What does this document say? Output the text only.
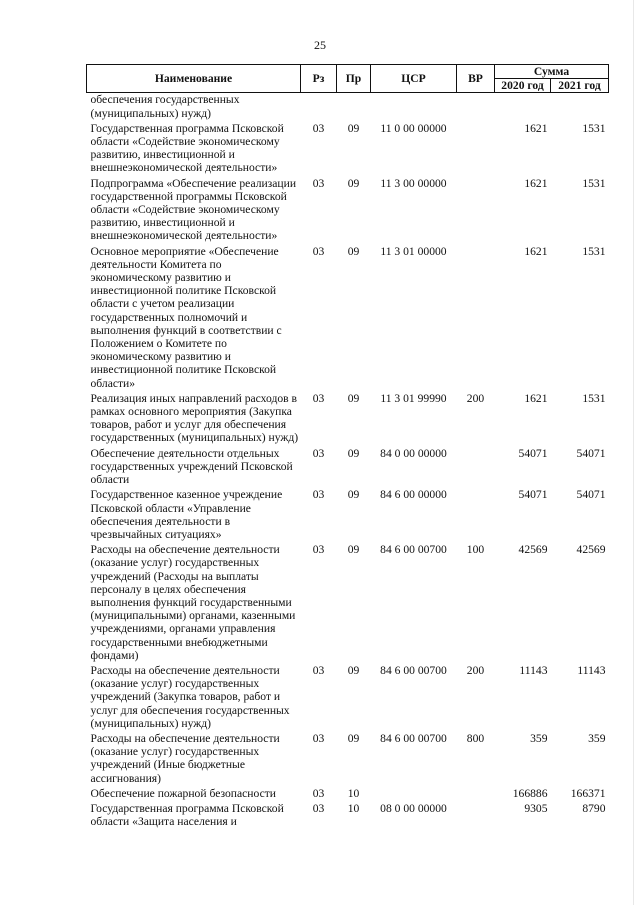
25
Наименование	Рз	Пр	ЦСР	ВР	Сумма	
					2020 год	2021 год
обеспечения государственных (муниципальных) нужд)						
Государственная программа Псковской области «Содействие экономическому развитию, инвестиционной и внешнеэкономической деятельности»	03	09	11 0 00 00000		1621	1531
Подпрограмма «Обеспечение реализации государственной программы Псковской области «Содействие экономическому развитию, инвестиционной и внешнеэкономической деятельности»	03	09	11 3 00 00000		1621	1531
Основное мероприятие «Обеспечение деятельности Комитета по экономическому развитию и инвестиционной политике Псковской области с учетом реализации государственных полномочий и выполнения функций в соответствии с Положением о Комитете по экономическому развитию и инвестиционной политике Псковской области»	03	09	11 3 01 00000		1621	1531
Реализация иных направлений расходов в рамках основного мероприятия (Закупка товаров, работ и услуг для обеспечения государственных (муниципальных) нужд)	03	09	11 3 01 99990	200	1621	1531
Обеспечение деятельности отдельных государственных учреждений Псковской области	03	09	84 0 00 00000		54071	54071
Государственное казенное учреждение Псковской области «Управление обеспечения деятельности в чрезвычайных ситуациях»	03	09	84 6 00 00000		54071	54071
Расходы на обеспечение деятельности (оказание услуг) государственных учреждений (Расходы на выплаты персоналу в целях обеспечения выполнения функций государственными (муниципальными) органами, казенными учреждениями, органами управления государственными внебюджетными фондами)	03	09	84 6 00 00700	100	42569	42569
Расходы на обеспечение деятельности (оказание услуг) государственных учреждений (Закупка товаров, работ и услуг для обеспечения государственных (муниципальных) нужд)	03	09	84 6 00 00700	200	11143	11143
Расходы на обеспечение деятельности (оказание услуг) государственных учреждений (Иные бюджетные ассигнования)	03	09	84 6 00 00700	800	359	359
Обеспечение пожарной безопасности	03	10			166886	166371
Государственная программа Псковской области «Защита населения и	03	10	08 0 00 00000		9305	8790
